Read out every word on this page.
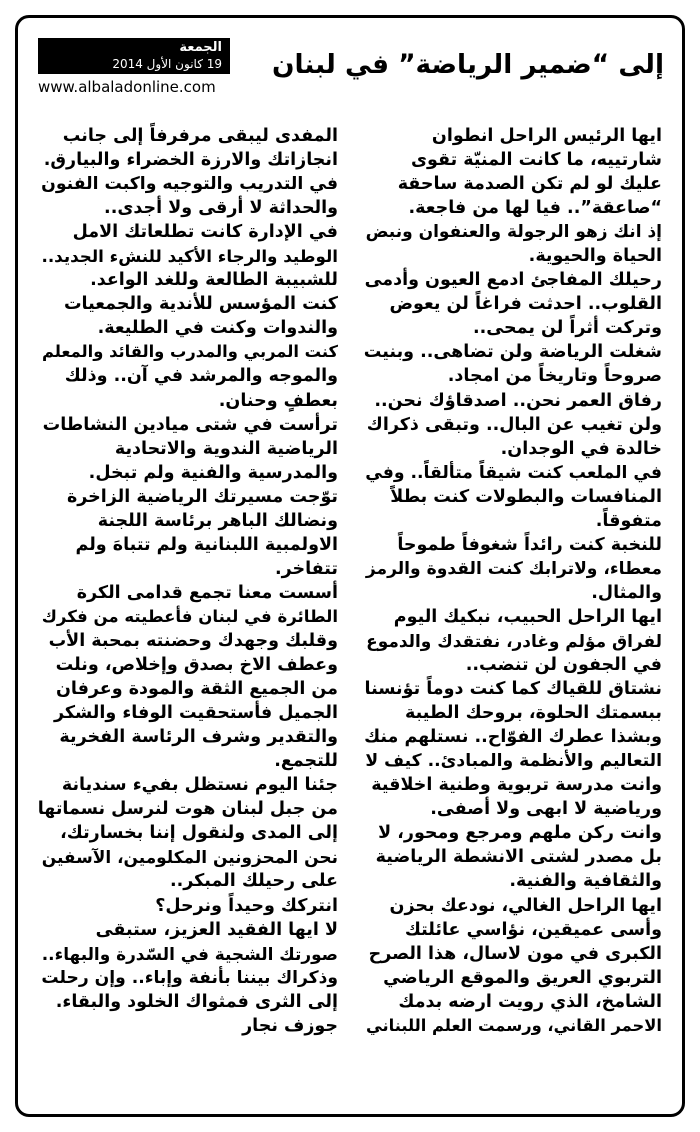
إلى “ضمير الرياضة” في لبنان
الجمعة
19 كانون الأول 2014
www.albaladonline.com
ايها الرئيس الراحل انطوان
شارتييه، ما كانت المنيّة تقوى
عليك لو لم تكن الصدمة ساحقة
“صاعقة”.. فيا لها من فاجعة.
إذ انك زهو الرجولة والعنفوان ونبض
الحياة والحيوية.
رحيلك المفاجئ ادمع العيون وأدمى
القلوب.. احدثت فراغاً لن يعوض
وتركت أثراً لن يمحى..
شغلت الرياضة ولن تضاهى.. وبنيت
صروحاً وتاريخاً من امجاد.
رفاق العمر نحن.. اصدقاؤك نحن..
ولن تغيب عن البال.. وتبقى ذكراك
خالدة في الوجدان.
في الملعب كنت شيقاً متألقاً.. وفي
المنافسات والبطولات كنت بطلاً
متفوقاً.
للنخبة كنت رائداً شغوفاً طموحاً
معطاء، ولاترابك كنت القدوة والرمز
والمثال.
ايها الراحل الحبيب، نبكيك اليوم
لفراق مؤلم وغادر، نفتقدك والدموع
في الجفون لن تنضب..
نشتاق للقياك كما كنت دوماً تؤنسنا
ببسمتك الحلوة، بروحك الطيبة
وبشذا عطرك الفوّاح.. نستلهم منك
التعاليم والأنظمة والمبادئ.. كيف لا
وانت مدرسة تربوية وطنية اخلاقية
ورياضية لا ابهى ولا أصفى.
وانت ركن ملهم ومرجع ومحور، لا
بل مصدر لشتى الانشطة الرياضية
والثقافية والفنية.
ايها الراحل الغالي، نودعك بحزن
وأسى عميقين، نؤاسي عائلتك
الكبرى في مون لاسال، هذا الصرح
التربوي العريق والموقع الرياضي
الشامخ، الذي رويت ارضه بدمك
الاحمر القاني، ورسمت العلم اللبناني
المفدى ليبقى مرفرفاً إلى جانب
انجازاتك والارزة الخضراء والبيارق.
في التدريب والتوجيه واكبت الفنون
والحداثة لا أرقى ولا أجدى..
في الإدارة كانت تطلعاتك الامل
الوطيد والرجاء الأكيد للنشء الجديد..
للشبيبة الطالعة وللغد الواعد.
كنت المؤسس للأندية والجمعيات
والندوات وكنت في الطليعة.
كنت المربي والمدرب والقائد والمعلم
والموجه والمرشد في آن.. وذلك
بعطفٍ وحنان.
ترأست في شتى ميادين النشاطات
الرياضية الندوية والاتحادية
والمدرسية والفنية ولم تبخل.
توّجت مسيرتك الرياضية الزاخرة
ونضالك الباهر برئاسة اللجنة
الاولمبية اللبنانية ولم تتباهَ ولم
تتفاخر.
أسست معنا تجمع قدامى الكرة
الطائرة في لبنان فأعطيته من فكرك
وقلبك وجهدك وحضنته بمحبة الأب
وعطف الاخ بصدق وإخلاص، ونلت
من الجميع الثقة والمودة وعرفان
الجميل فأستحقيت الوفاء والشكر
والتقدير وشرف الرئاسة الفخرية
للتجمع.
جئنا اليوم نستظل بفيء سنديانة
من جبل لبنان هوت لنرسل نسماتها
إلى المدى ولنقول إننا بخسارتك،
نحن المحزونين المكلومين، الآسفين
على رحيلك المبكر..
انتركك وحيداً ونرحل؟
لا ايها الفقيد العزيز، ستبقى
صورتك الشجية في السّدرة والبهاء..
وذكراك بيننا بأنفة وإباء.. وإن رحلت
إلى الثرى فمثواك الخلود والبقاء.
جوزف نجار
